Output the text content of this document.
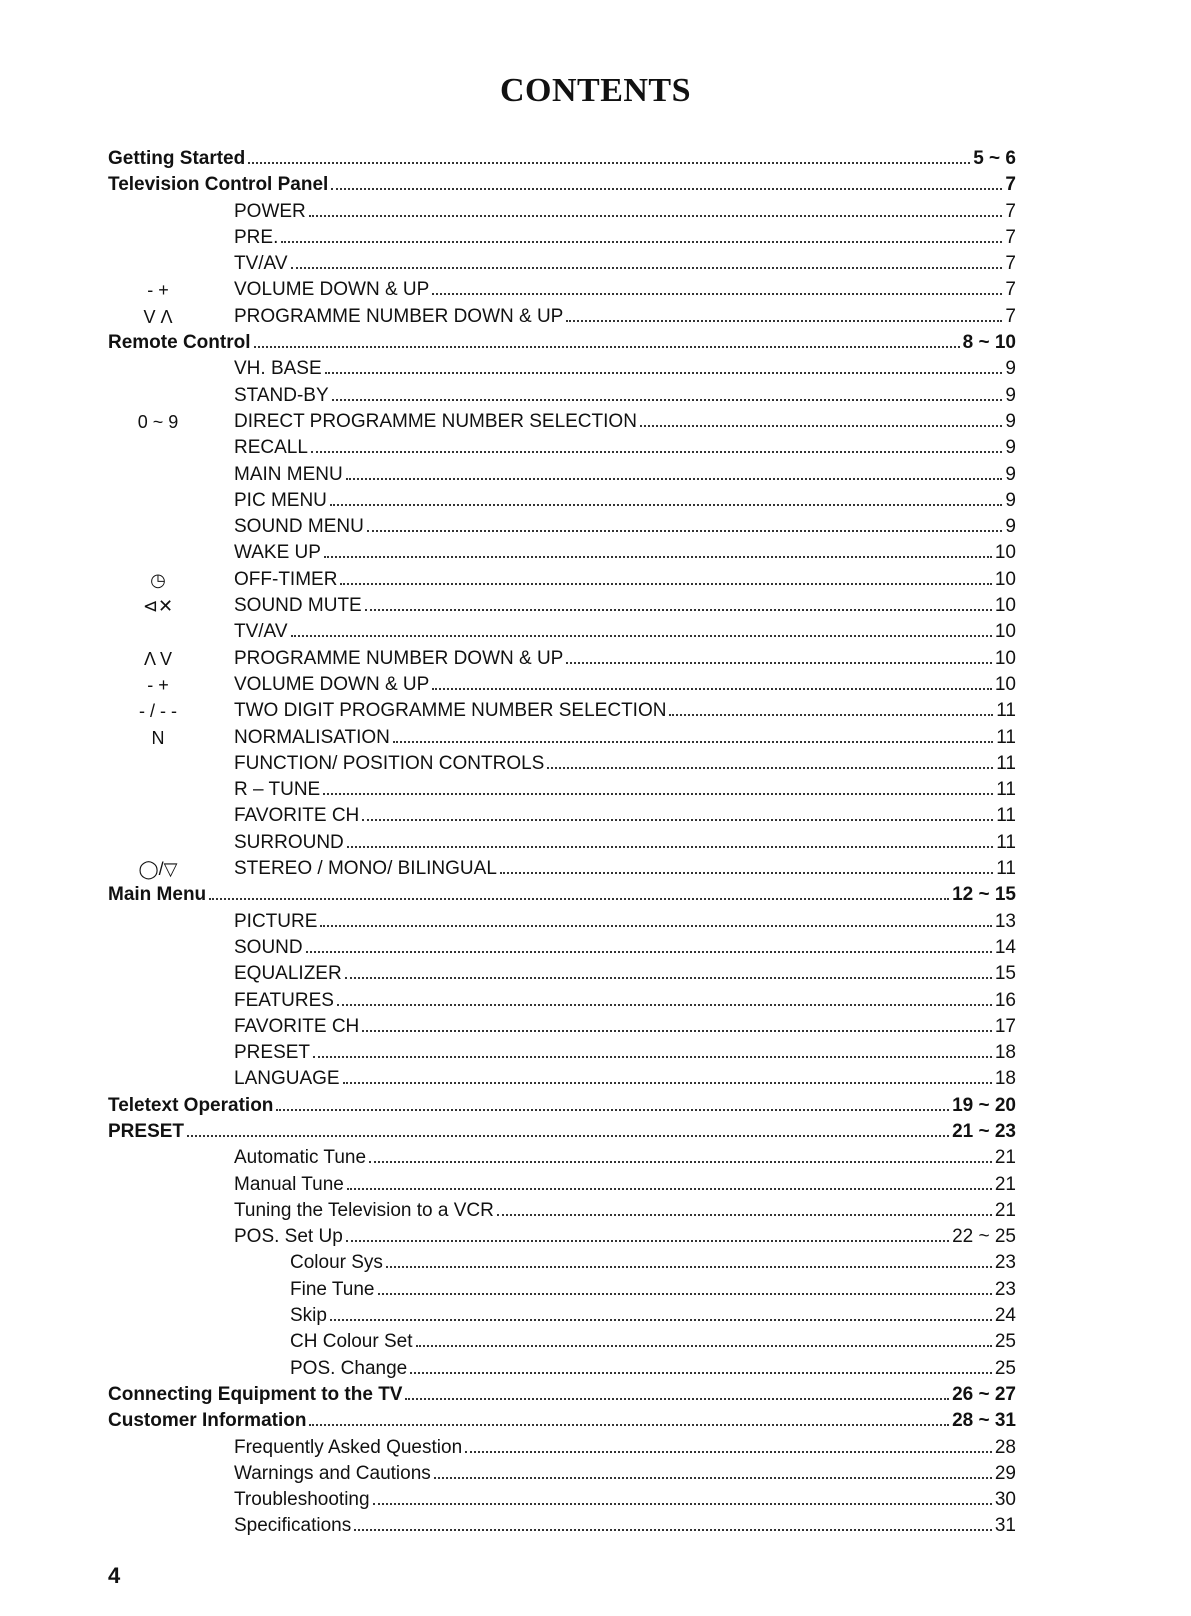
CONTENTS
Getting Started	5 ~ 6
Television Control Panel	7
POWER	7
PRE.	7
TV/AV	7
- +	VOLUME DOWN & UP	7
V Λ	PROGRAMME NUMBER DOWN & UP	7
Remote Control	8 ~ 10
VH. BASE	9
STAND-BY	9
0 ~ 9	DIRECT PROGRAMME NUMBER SELECTION	9
RECALL	9
MAIN MENU	9
PIC MENU	9
SOUND MENU	9
WAKE UP	10
◷	OFF-TIMER	10
⊲✕	SOUND MUTE	10
TV/AV	10
Λ V	PROGRAMME NUMBER DOWN & UP	10
- +	VOLUME DOWN & UP	10
- / - -	TWO DIGIT PROGRAMME NUMBER SELECTION	11
N	NORMALISATION	11
FUNCTION/ POSITION CONTROLS	11
R – TUNE	11
FAVORITE CH	11
SURROUND	11
◯/▽	STEREO / MONO/ BILINGUAL	11
Main Menu	12 ~ 15
PICTURE	13
SOUND	14
EQUALIZER	15
FEATURES	16
FAVORITE CH	17
PRESET	18
LANGUAGE	18
Teletext Operation	19 ~ 20
PRESET	21 ~ 23
Automatic Tune	21
Manual Tune	21
Tuning the Television to a VCR	21
POS. Set Up	22 ~ 25
Colour Sys	23
Fine Tune	23
Skip	24
CH Colour Set	25
POS. Change	25
Connecting Equipment to the TV	26 ~ 27
Customer Information	28 ~ 31
Frequently Asked Question	28
Warnings and Cautions	29
Troubleshooting	30
Specifications	31
4
